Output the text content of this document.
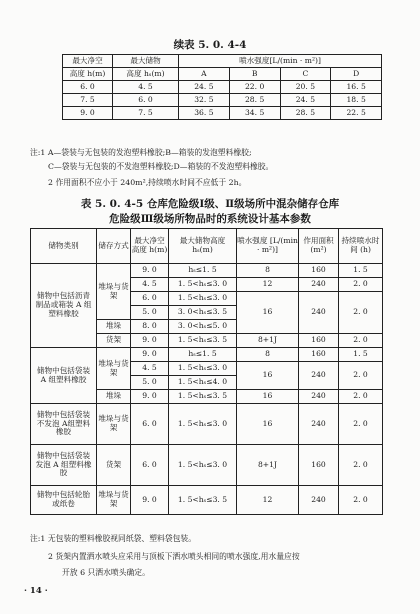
续表 5. 0. 4-4
最大净空	最大储物	喷水强度[L/(min · m²)]			
高度 h(m)	高度 hₛ(m)	A	B	C	D
6. 0	4. 5	24. 5	22. 0	20. 5	16. 5
7. 5	6. 0	32. 5	28. 5	24. 5	18. 5
9. 0	7. 5	36. 5	34. 5	28. 5	22. 5
注:1 A—袋装与无包装的发泡塑料橡胶;B—箱装的发泡塑料橡胶;
C—袋装与无包装的不发泡塑料橡胶;D—箱装的不发泡塑料橡胶。
2 作用面积不应小于 240m²,持续喷水时间不应低于 2h。
表 5. 0. 4-5 仓库危险级Ⅰ级、Ⅱ级场所中混杂储存仓库
危险级Ⅲ级场所物品时的系统设计基本参数
储物类别	储存方式	最大净空高度 h(m)	最大储物高度 hₛ(m)	喷水强度 [L/(min · m²)]	作用面积 (m²)	持续喷水时间 (h)
储物中包括沥青制品或箱装 A 组塑料橡胶	堆垛与货架	9. 0	hₛ≤1. 5	8	160	1. 5
		4. 5	1. 5<hₛ≤3. 0	12	240	2. 0
		6. 0	1. 5<hₛ≤3. 0	16	240	2. 0
		5. 0	3. 0<hₛ≤3. 5			
	堆垛	8. 0	3. 0<hₛ≤5. 0			
	货架	9. 0	1. 5<hₛ≤3. 5	8+1J	160	2. 0
储物中包括袋装 A 组塑料橡胶	堆垛与货架	9. 0	hₛ≤1. 5	8	160	1. 5
		4. 5	1. 5<hₛ≤3. 0	16	240	2. 0
		5. 0	1. 5<hₛ≤4. 0			
	堆垛	9. 0	1. 5<hₛ≤3. 5	16	240	2. 0
储物中包括袋装不发泡 A组塑料橡胶	堆垛与货架	6. 0	1. 5<hₛ≤3. 0	16	240	2. 0
储物中包括袋装发泡 A 组塑料橡胶	货架	6. 0	1. 5<hₛ≤3. 0	8+1J	160	2. 0
储物中包括轮胎或纸卷	堆垛与货架	9. 0	1. 5<hₛ≤3. 5	12	240	2. 0
注:1 无包装的塑料橡胶视同纸袋、塑料袋包装。
2 货架内置洒水喷头应采用与顶板下洒水喷头相同的喷水强度,用水量应按
开放 6 只洒水喷头确定。
· 14 ·
